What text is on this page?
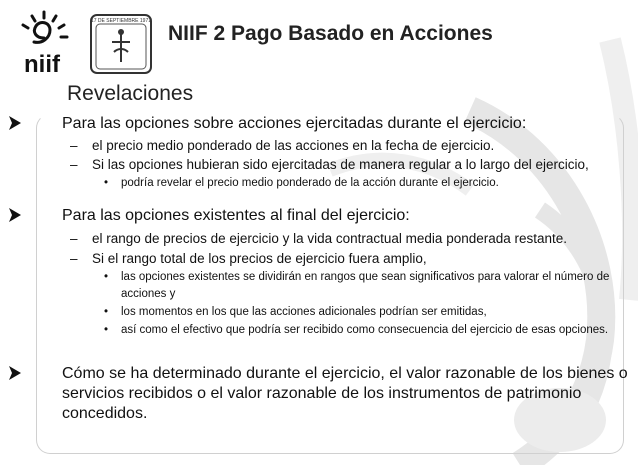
niif
17 DE SEPTIEMBRE 1971
NIIF 2 Pago Basado en Acciones
Revelaciones
Para las opciones sobre acciones ejercitadas durante el ejercicio:
– el precio medio ponderado de las acciones en la fecha de ejercicio.
– Si las opciones hubieran sido ejercitadas de manera regular a lo largo del ejercicio,
• podría revelar el precio medio ponderado de la acción durante el ejercicio.
Para las opciones existentes al final del ejercicio:
– el rango de precios de ejercicio y la vida contractual media ponderada restante.
– Si el rango total de los precios de ejercicio fuera amplio,
• las opciones existentes se dividirán en rangos que sean significativos para valorar el número de acciones y
• los momentos en los que las acciones adicionales podrían ser emitidas,
• así como el efectivo que podría ser recibido como consecuencia del ejercicio de esas opciones.
Cómo se ha determinado durante el ejercicio, el valor razonable de los bienes o servicios recibidos o el valor razonable de los instrumentos de patrimonio concedidos.
